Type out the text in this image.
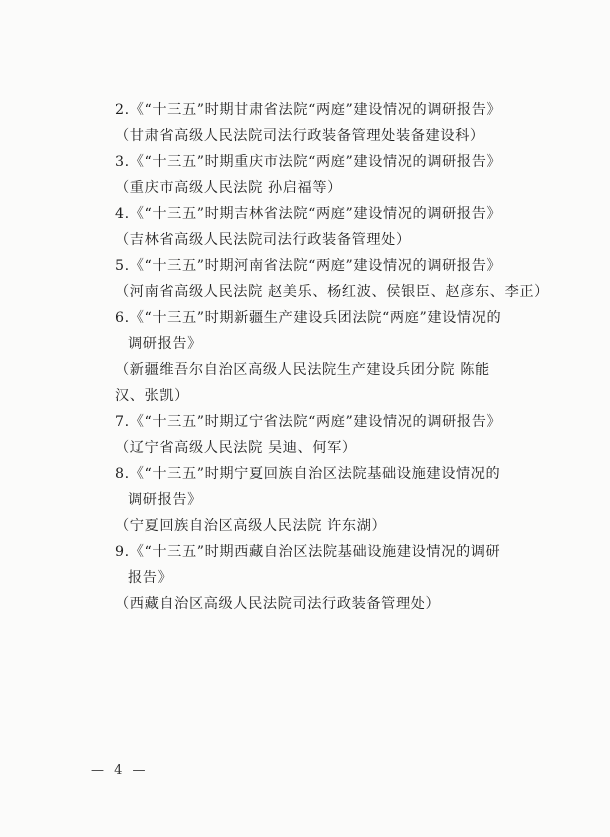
2.《“十三五”时期甘肃省法院“两庭”建设情况的调研报告》
（甘肃省高级人民法院司法行政装备管理处装备建设科）
3.《“十三五”时期重庆市法院“两庭”建设情况的调研报告》
（重庆市高级人民法院 孙启福等）
4.《“十三五”时期吉林省法院“两庭”建设情况的调研报告》
（吉林省高级人民法院司法行政装备管理处）
5.《“十三五”时期河南省法院“两庭”建设情况的调研报告》
（河南省高级人民法院 赵美乐、杨红波、侯银臣、赵彦东、李正）
6.《“十三五”时期新疆生产建设兵团法院“两庭”建设情况的
调研报告》
（新疆维吾尔自治区高级人民法院生产建设兵团分院 陈能
汉、张凯）
7.《“十三五”时期辽宁省法院“两庭”建设情况的调研报告》
（辽宁省高级人民法院 吴迪、何军）
8.《“十三五”时期宁夏回族自治区法院基础设施建设情况的
调研报告》
（宁夏回族自治区高级人民法院 许东湖）
9.《“十三五”时期西藏自治区法院基础设施建设情况的调研
报告》
（西藏自治区高级人民法院司法行政装备管理处）
— 4 —
